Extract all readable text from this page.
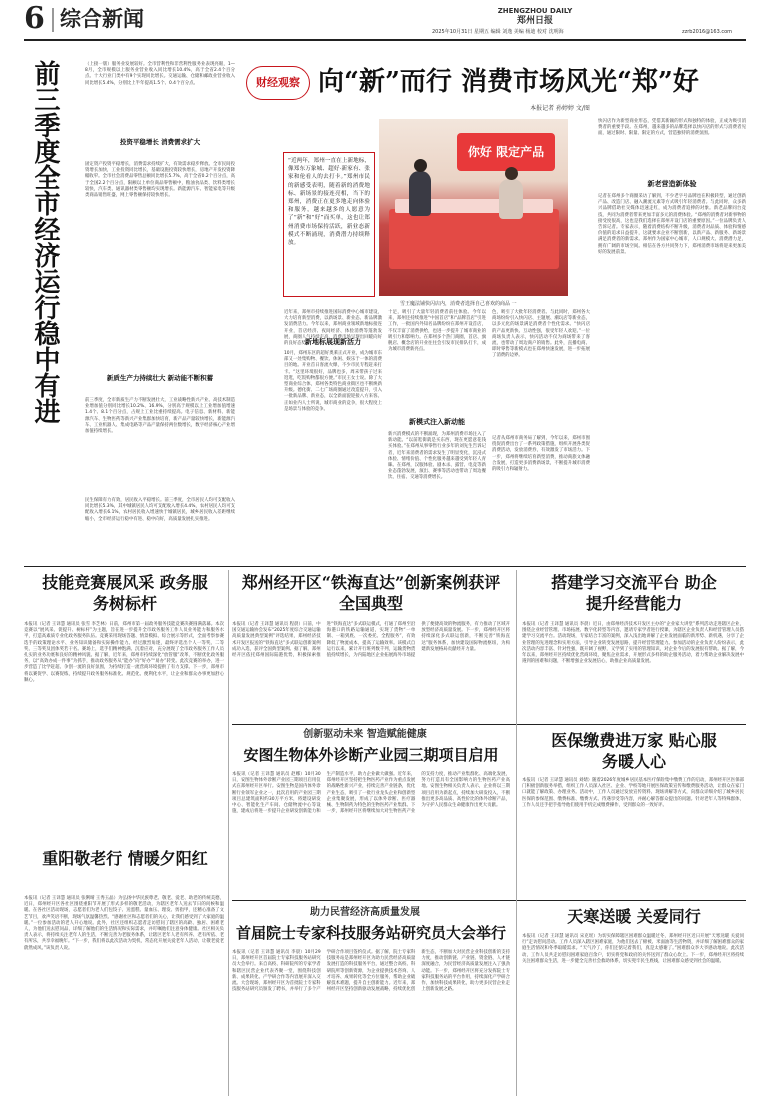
6 综合新闻	ZHENGZHOU DAILY
郑州日报
2025年10月31日 星期五 编辑 刘逸 美编 杨迪 校对 沈明海	zzrb2016@163.com
前三季度全市经济运行稳中有进	（上接一版）服务业发展较好。全市营利性和非营利性服务业表现亮眼，1—8月，全市规模以上服务业营业收入同比增长10.4%，高于全省2.4个百分点。十大行业门类中有9个实现同比增长。交通运输、仓储和邮政业营业收入同比增长5.4%，分别比上半年提高1.5个、0.4个百分点。
投资平稳增长 消费需求扩大
固定资产投资平稳增长，消费需求持续扩大，有效需求稳步释放。全市民间投资增长加快，工业投资同比增长，基础设施投资较快增长，房地产开发投资降幅收窄。全市社会消费品零售总额同比增长5.7%，高于全省0.2个百分点，高于全国2.2个百分点，限额以上单位商品零售额中，粮油食品类、饮料类增长较快，汽车类、通讯器材类零售额均实现增长。新能源汽车、智能家电等升级类商品销售旺盛，网上零售额保持较快增长。
新质生产力持续壮大 新动能不断积蓄
前三季度，全市新质生产力不断发展壮大，工业战略性新兴产业、高技术制造业增加值分别同比增长10.2%、16.9%，分别高于规模以上工业增加值增速1.4个、8.1个百分点，占规上工业比重持续提高。电子信息、新材料、新能源汽车、生物医药等新兴产业集群加快培育，新产品产量较快增长，新能源汽车、工业机器人、集成电路等产品产量保持两位数增长，数字经济核心产业增加值持续增长。
民生保障有力有效，居民收入平稳增长。前三季度，全市居民人均可支配收入同比增长5.3%，其中城镇居民人均可支配收入增长4.4%，农村居民人均可支配收入增长6.1%，农村居民收入增速快于城镇居民，城乡居民收入差距继续缩小，全市经济运行稳中有进、稳中向好，高质量发展扎实推进。
财经观察 向“新”而行 消费市场风光“郑”好
本报记者 孙婷婷 文/图
“近两年，郑州一直在上新地标，像郑东万象城、超好·新家有、张家和伦看人的去打卡。”郑州市民的新感受表明，随着新的消费地标、新场景的接连亮相，当下的郑州，消费正在更多地走向体验和服务，越来越多的人愿意为了“新”和“好”而买单，这也让郑州消费市场保持活跃，新业态新模式不断涌现，消费潜力持续释放。
你好 限定产品
雪王魔法铺快闪店内，消费者选择自己喜欢的商品 一
近年来，郑州市持续推进国际消费中心城市建设，大力培育新型消费，以新场景、新业态、新品牌激发消费活力。今年以来，郑州商业领域新地标接连开业，首店经济、夜间经济、体验消费等蓬勃发展，商圈人气持续走高，消费市场呈现出回暖向好的良好态势。
新地标展现新活力
10月，郑州东区的超好奥莱正式开业，成为城市东部又一处集购物、餐饮、休闲、娱乐于一体的消费目的地。开业首日客流火爆，不少市民专程赶来打卡。“这里环境很好，品牌也多，周末带孩子过来逛逛，吃饭购物都很方便。”市民王女士说。除了大型商业综合体，郑州各类特色商业街区也不断焕新升级。德化街、二七广场商圈通过改造提升，引入一批新品牌、新业态，以全新面貌迎接八方来客。正如业内人士所说，城市商业的竞争，很大程度上是场景与体验的竞争。
十足，吸引了大量年轻消费者前往体验。今年以来，郑州还持续推进“中国首店”和“品牌首店”引进工作，一批国内外知名品牌纷纷在郑州开设首店，不仅丰富了消费供给，也进一步提升了城市商业的吸引力和影响力。在郑州多个热门商圈，首店、旗舰店、概念店的开业往往会引发市民排队打卡，成为城市消费新亮点。
新模式注入新动能
新兴消费模式的不断涌现，为郑州消费市场注入了新动能。“以前逛街就是买东西，现在更愿意花钱买体验。”在郑州从事零售行业多年的刘先生告诉记者，近年来消费者的需求发生了明显变化，沉浸式体验、情绪价值、个性化服务越来越受到年轻人青睐。在郑州，汉服体验、剧本杀、露营、电竞等新业态蓬勃发展，演出、赛事等活动也带动了周边餐饮、住宿、交通等消费增长。
色，吸引了大批年轻消费者。与此同时，郑州各大商场纷纷引入快闪店、主题展、潮玩店等新业态，以多元化的场景满足消费者个性化需求。“快闪店的产品更新快、互动性强，很受年轻人欢迎。”一位商场负责人表示，快闪活动不仅为商场带来了客流，也带动了周边商户的销售。此外，直播电商、即时零售等新模式也在郑州快速发展，进一步拓展了消费的边界。
记者从郑州市商务局了解到，今年以来，郑州市围绕促消费出台了一系列政策措施，组织开展各类促消费活动，发放消费券，有效激发了市场活力。下一步，郑州将继续培育新型消费，推动商旅文体融合发展，打造更多消费新场景，不断提升城市消费的吸引力和辐射力。
快闪店作为新型商业形态，凭借其新颖的形式和独特的体验，正成为吸引消费者的重要手段。在郑州，越来越多的品牌选择以快闪店的形式与消费者见面，通过限时、限量、限定的方式，营造独特的消费氛围。
新老营造新体验
记者在郑州多个商圈采访了解到，不少老字号品牌也在积极转型，通过创新产品、改造门店、融入潮流元素等方式吸引年轻消费者。与此同时，众多新兴品牌借助社交媒体迅速走红，成为消费者追捧的对象。新老品牌同台竞技，共同为消费者带来更加丰富多元的消费体验。“郑州的消费者对新事物的接受度很高，这也是我们选择在郑州开设门店的重要原因。”一位品牌负责人告诉记者。专家表示，随着消费结构不断升级，消费者对品质、体验和情感价值的追求日益提升，这就要求企业不断创新，以新产品、新服务、新场景满足消费者的新需求。郑州作为国家中心城市，人口规模大、消费潜力足，拥有广阔的市场空间。相信在各方共同努力下，郑州消费市场将迎来更加美好的发展前景。
技能竞赛展风采 政务服务树标杆
本报讯（记者 王译慧 通讯员 张雪 李芝林）日前，郑州市第一届政务服务技能竞赛决赛圆满落幕。本次竞赛以“展风采、促提升、树标杆”为主题，旨在进一步提升全市政务服务工作人员业务能力和服务水平，打造高素质专业化政务服务队伍。竞赛采用现场答题、情景模拟、综合展示等形式，全面考察参赛选手的政策理论水平、业务知识储备和实际操作能力。经过激烈角逐，最终评选出个人一等奖、二等奖、三等奖及团体奖若干名。赛场上，选手们精神饱满、沉着应对，充分展现了全市政务服务工作人员扎实的业务功底和良好的精神风貌。据了解，近年来，郑州市持续深化“放管服”改革，不断优化政务服务，以“高效办成一件事”为抓手，推动政务服务从“能办”向“好办”“易办”转变。此次竞赛的举办，进一步营造了比学赶超、争创一流的良好氛围，为持续打造一流营商环境提供了有力支撑。下一步，郑州市将以赛促学、以赛促练，持续提升政务服务标准化、规范化、便利化水平，让企业和群众办事更加舒心顺心。
郑州经开区“铁海直达”创新案例获评全国典型
本报讯（记者 王译慧 通讯员 程晨）日前，中国交通运输协会发布“2025年度综合交通运输高质量发展典型案例”评选结果，郑州经济技术开发区报送的“铁海直达”多式联运创新案例成功入选，获评全国典型案例。据了解，郑州经开区依托郑州国际陆港优势，积极探索推进“铁海直达”多式联运模式，打通了郑州至沿海港口的铁路运输通道，实现了货物“一单制、一箱到底、一次委托、全程服务”，有效降低了物流成本，提高了运输效率。该模式自运行以来，累计开行班列数千列，运输货物货值持续增长，为内陆地区企业拓展海外市场提供了便捷高效的物流服务，有力推动了区域开放型经济高质量发展。下一步，郑州经开区将持续深化多式联运创新，不断完善“铁海直达”服务体系，加快建设国际物流枢纽，为构建新发展格局贡献经开力量。
搭建学习交流平台 助企提升经营能力
本报讯（记者 王译慧 通讯员 李晨）近日，由郑州经济技术开发区主办的“企业家大讲堂”系列活动走进辖区企业，围绕企业经营管理、市场拓展、数字化转型等内容，邀请专家学者进行授课，为辖区企业负责人和经营管理人员搭建学习交流平台。活动现场，专家结合丰富的案例，深入浅出地讲解了企业发展面临的新形势、新机遇，分享了企业管理的先进理念和实用方法，引导企业转变发展思路，提升经营管理能力。参加活动的企业负责人纷纷表示，此次活动内容丰富、针对性强，既开阔了视野，又学到了实用的管理知识，对企业今后的发展很有帮助。据了解，今年以来，郑州经开区持续优化营商环境，聚焦企业需求，开展形式多样的助企服务活动，着力帮助企业解决发展中遇到的困难和问题，不断增强企业发展信心，助推企业高质量发展。
创新驱动未来 智造赋能健康
安图生物体外诊断产业园三期项目启用
本报讯（记者 王译慧 通讯员 赵娜）10月30日，安图生物体外诊断产业园三期项目启用仪式在郑州经开区举行。安图生物是国内体外诊断行业领军企业之一，此次启用的产业园三期项目总建筑面积约30万平方米，将建设研发中心、智能化生产车间、仓储物流中心等设施，建成后将进一步提升企业研发创新能力和生产制造水平，助力企业做大做强。近年来，郑州经开区坚持把生物医药产业作为重点发展的战略性新兴产业，持续完善产业链条，优化产业生态，吸引了一批行业龙头企业和创新型企业集聚发展，形成了以体外诊断、医疗器械、生物制药为特色的生物医药产业集群。下一步，郑州经开区将继续加大对生物医药产业的支持力度，推动产业集群化、高端化发展，努力打造具有全国影响力的生物医药产业高地。安图生物相关负责人表示，企业将以三期项目启用为新起点，持续加大研发投入，不断推出更多高品质、高性价比的体外诊断产品，为守护人民群众生命健康作出更大贡献。
医保缴费进万家 贴心服务暖人心
本报讯（记者 王译慧 通讯员 刘婧）随着2026年度城乡居民基本医疗保险集中缴费工作的启动，郑州经开区医保部门积极创新服务举措，组织工作人员深入社区、企业、学校等地开展医保政策宣传和缴费服务活动，让群众在家门口就能了解政策、办理业务。活动中，工作人员通过发放宣传资料、现场讲解等方式，向群众详细介绍了城乡居民医保的参保范围、缴费标准、缴费方式、待遇享受等内容，并耐心解答群众提出的问题。针对老年人等特殊群体，工作人员还手把手指导他们使用手机完成缴费操作，受到群众的一致好评。
重阳敬老行 情暖夕阳红
本报讯（记者 王译慧 通讯员 张俐晴 王秀玉晶）为弘扬中华民族尊老、敬老、爱老、助老的传统美德，近日，郑州经开区各社区围绕重阳节开展了形式多样的敬老活动，为辖区老年人送去节日的问候和温暖。在各社区活动现场，志愿者们为老人们包饺子、送蛋糕、量血压、理发、剪指甲，还精心准备了文艺节目，欢声笑语不断，现场气氛温馨热烈。“感谢社区和志愿者们的关心，让我们感受到了大家庭的温暖。”一位参加活动的老人开心地说。此外，社区还组织志愿者走访慰问了辖区的高龄、独居、困难老人，为他们送去慰问品，详细了解他们的生活情况和实际需求，并叮嘱他们注意身体健康。社区相关负责人表示，将持续关注老年人的生活，不断完善为老服务体系，让辖区老年人老有所养、老有所依、老有所乐，共享幸福晚年。“下一步，我们将以此次活动为契机，常态化开展关爱老年人活动，让敬老爱老蔚然成风。”该负责人说。
助力民营经济高质量发展
首届院士专家科技服务站研究员大会举行
本报讯（记者 王译慧 通讯员 李晨）10月29日，郑州经开区首届院士专家科技服务站研究员大会举行。来自高校、科研院所的专家学者和辖区民营企业代表齐聚一堂，围绕科技创新、成果转化、产学研合作等内容展开深入交流。大会现场，郑州经开区为首批院士专家科技服务站研究员颁发了聘书，并举行了多个产学研合作项目签约仪式。据了解，院士专家科技服务站是郑州经开区为助力民营经济高质量发展打造的科技服务平台，通过整合高校、科研院所等创新资源，为企业提供技术咨询、人才培养、成果转化等全方位服务，帮助企业破解技术难题，提升自主创新能力。近年来，郑州经开区坚持创新驱动发展战略，持续优化创新生态，不断加大对民营企业科技创新的支持力度，推动创新链、产业链、资金链、人才链深度融合，为民营经济高质量发展注入了强劲动能。下一步，郑州经开区将充分发挥院士专家科技服务站的平台作用，持续深化产学研合作，加快科技成果转化，助力更多民营企业走上创新发展之路。
天寒送暖 关爱同行
本报讯（记者 王译慧 通讯员 宋克瑶）为切实保障辖区困难群众温暖过冬，郑州经开区近日开展“天寒送暖 关爱同行”走访慰问活动。工作人员深入辖区困难家庭，为他们送去了棉被、米面油等生活物资，并详细了解困难群众的家庭生活情况和冬季取暖需求。“天气冷了，你们还惦记着我们，真是太感谢了。”困难群众李大爷感动地说。此次活动，工作人员共走访慰问困难家庭百余户，切实将党和政府的关怀送到了群众心坎上。下一步，郑州经开区将持续关注困难群众生活，进一步健全完善社会救助体系，切实兜牢民生底线，让困难群众感受到社会的温暖。
